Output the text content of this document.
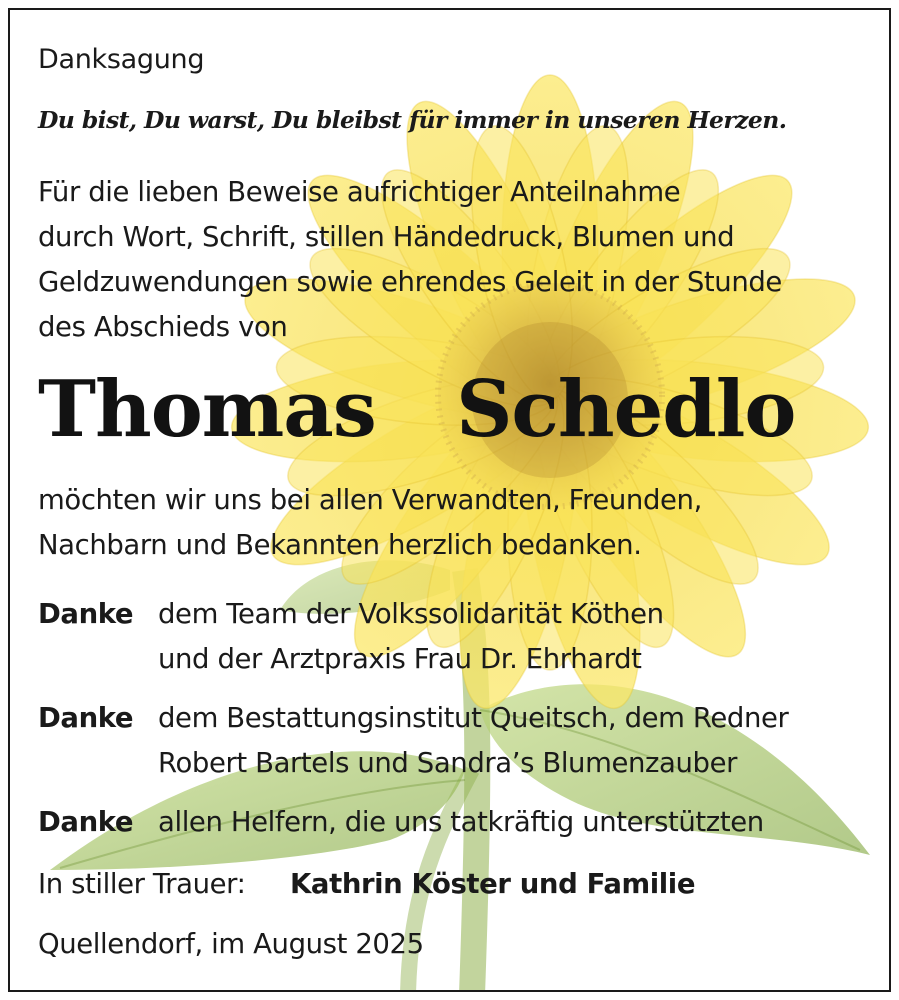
Danksagung
Du bist, Du warst, Du bleibst für immer in unseren Herzen.
Für die lieben Beweise aufrichtiger Anteilnahme
durch Wort, Schrift, stillen Händedruck, Blumen und
Geldzuwendungen sowie ehrendes Geleit in der Stunde
des Abschieds von
Thomas  Schedlo
möchten wir uns bei allen Verwandten, Freunden,
Nachbarn und Bekannten herzlich bedanken.
Danke dem Team der Volkssolidarität Köthen
und der Arztpraxis Frau Dr. Ehrhardt
Danke dem Bestattungsinstitut Queitsch, dem Redner
Robert Bartels und Sandra’s Blumenzauber
Danke allen Helfern, die uns tatkräftig unterstützten
In stiller Trauer: Kathrin Köster und Familie
Quellendorf, im August 2025
